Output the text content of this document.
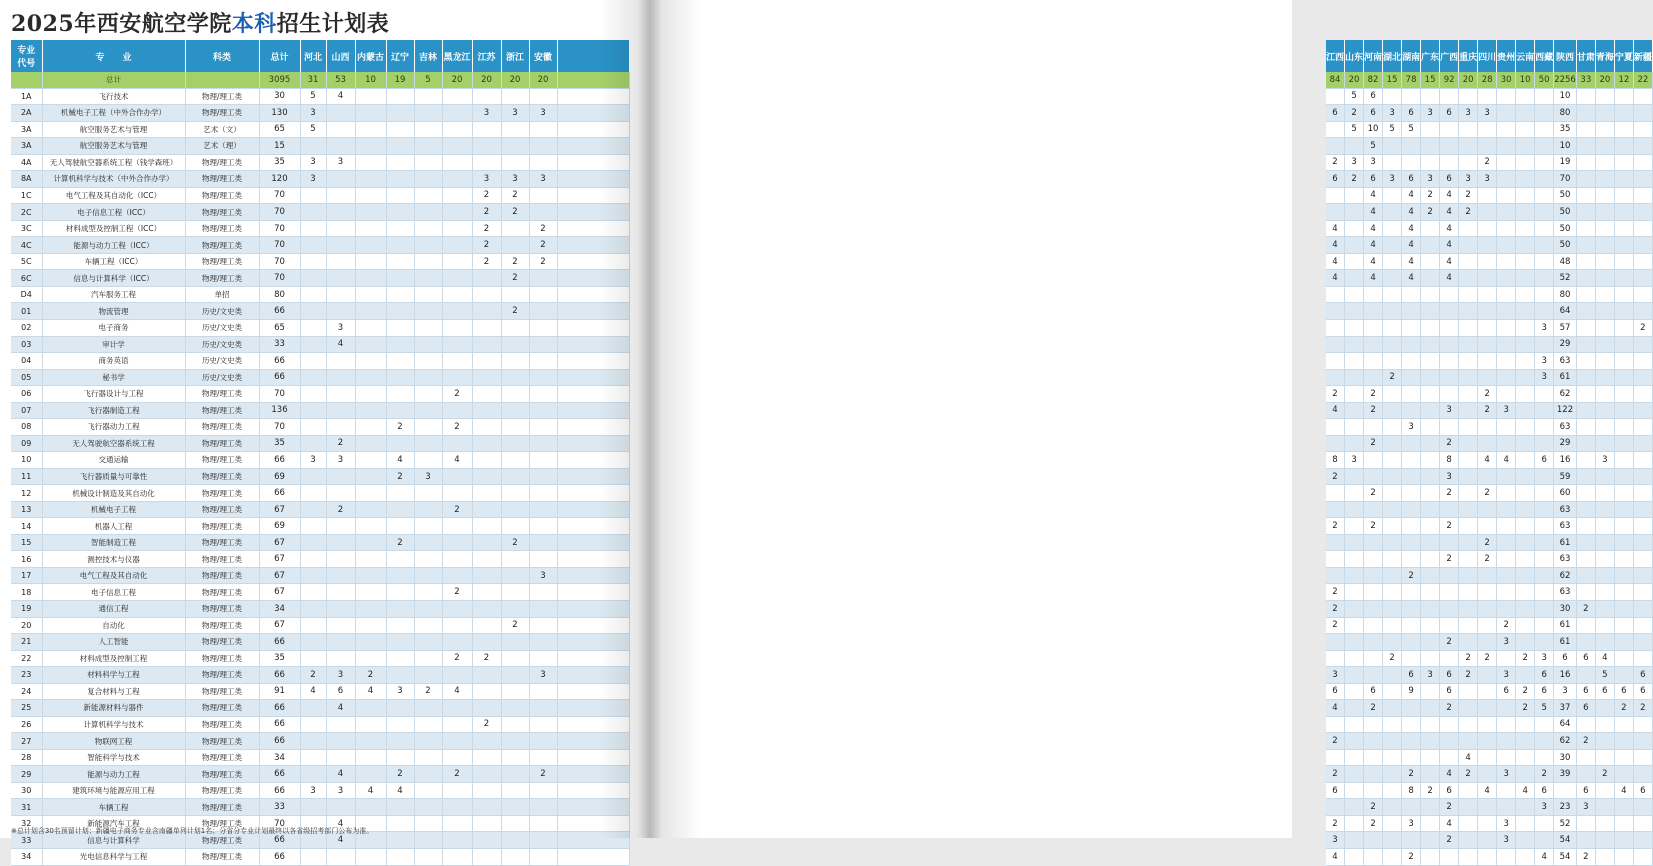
2025年西安航空学院本科招生计划表
专业
代号	专　　业	科类	总计	河北	山西	内蒙古	辽宁	吉林	黑龙江	江苏	浙江	安徽	
	总计		3095	31	53	10	19	5	20	20	20	20	
1A	飞行技术	物理/理工类	30	5	4								
2A	机械电子工程（中外合作办学）	物理/理工类	130	3						3	3	3	
3A	航空服务艺术与管理	艺术（文）	65	5									
3A	航空服务艺术与管理	艺术（理）	15										
4A	无人驾驶航空器系统工程（钱学森班）	物理/理工类	35	3	3								
8A	计算机科学与技术（中外合作办学）	物理/理工类	120	3						3	3	3	
1C	电气工程及其自动化（ICC）	物理/理工类	70							2	2		
2C	电子信息工程（ICC）	物理/理工类	70							2	2		
3C	材料成型及控制工程（ICC）	物理/理工类	70							2		2	
4C	能源与动力工程（ICC）	物理/理工类	70							2		2	
5C	车辆工程（ICC）	物理/理工类	70							2	2	2	
6C	信息与计算科学（ICC）	物理/理工类	70								2		
D4	汽车服务工程	单招	80										
01	物流管理	历史/文史类	66								2		
02	电子商务	历史/文史类	65		3								
03	审计学	历史/文史类	33		4								
04	商务英语	历史/文史类	66										
05	秘书学	历史/文史类	66										
06	飞行器设计与工程	物理/理工类	70						2				
07	飞行器制造工程	物理/理工类	136										
08	飞行器动力工程	物理/理工类	70				2		2				
09	无人驾驶航空器系统工程	物理/理工类	35		2								
10	交通运输	物理/理工类	66	3	3		4		4				
11	飞行器质量与可靠性	物理/理工类	69				2	3					
12	机械设计制造及其自动化	物理/理工类	66										
13	机械电子工程	物理/理工类	67		2				2				
14	机器人工程	物理/理工类	69										
15	智能制造工程	物理/理工类	67				2				2		
16	测控技术与仪器	物理/理工类	67										
17	电气工程及其自动化	物理/理工类	67									3	
18	电子信息工程	物理/理工类	67						2				
19	通信工程	物理/理工类	34										
20	自动化	物理/理工类	67								2		
21	人工智能	物理/理工类	66										
22	材料成型及控制工程	物理/理工类	35						2	2			
23	材料科学与工程	物理/理工类	66	2	3	2						3	
24	复合材料与工程	物理/理工类	91	4	6	4	3	2	4				
25	新能源材料与器件	物理/理工类	66		4								
26	计算机科学与技术	物理/理工类	66							2			
27	物联网工程	物理/理工类	66										
28	智能科学与技术	物理/理工类	34										
29	能源与动力工程	物理/理工类	66		4		2		2			2	
30	建筑环境与能源应用工程	物理/理工类	66	3	3	4	4						
31	车辆工程	物理/理工类	33										
32	新能源汽车工程	物理/理工类	70		4								
33	信息与计算科学	物理/理工类	66		4								
34	光电信息科学与工程	物理/理工类	66										
※总计划含30名预留计划；新疆电子商务专业含南疆单列计划1名；分省分专业计划最终以各省级招考部门公布为准。
江西	山东	河南	湖北	湖南	广东	广西	重庆	四川	贵州	云南	西藏	陕西	甘肃	青海	宁夏	新疆
84	20	82	15	78	15	92	20	28	30	10	50	2256	33	20	12	22
	5	6										10				
6	2	6	3	6	3	6	3	3				80				
	5	10	5	5								35				
		5										10				
2	3	3						2				19				
6	2	6	3	6	3	6	3	3				70				
		4		4	2	4	2					50				
		4		4	2	4	2					50				
4		4		4		4						50				
4		4		4		4						50				
4		4		4		4						48				
4		4		4		4						52				
												80				
												64				
											3	57				2
												29				
											3	63				
			2								3	61				
2		2						2				62				
4		2				3		2	3			122				
				3								63				
		2				2						29				
8	3					8		4	4		6	16		3		
2						3						59				
		2				2		2				60				
												63				
2		2				2						63				
								2				61				
						2		2				63				
				2								62				
2												63				
2												30	2			
2									2			61				
						2			3			61				
			2				2	2		2	3	6	6	4		
3				6	3	6	2		3		6	16		5		6
6		6		9		6			6	2	6	3	6	6	6	6
4		2				2				2	5	37	6		2	2
												64				
2												62	2			
							4					30				
2				2		4	2		3		2	39		2		
6				8	2	6		4		4	6		6		4	6
		2				2					3	23	3			
2		2		3		4			3			52				
3						2			3			54				
4				2							4	54	2			
